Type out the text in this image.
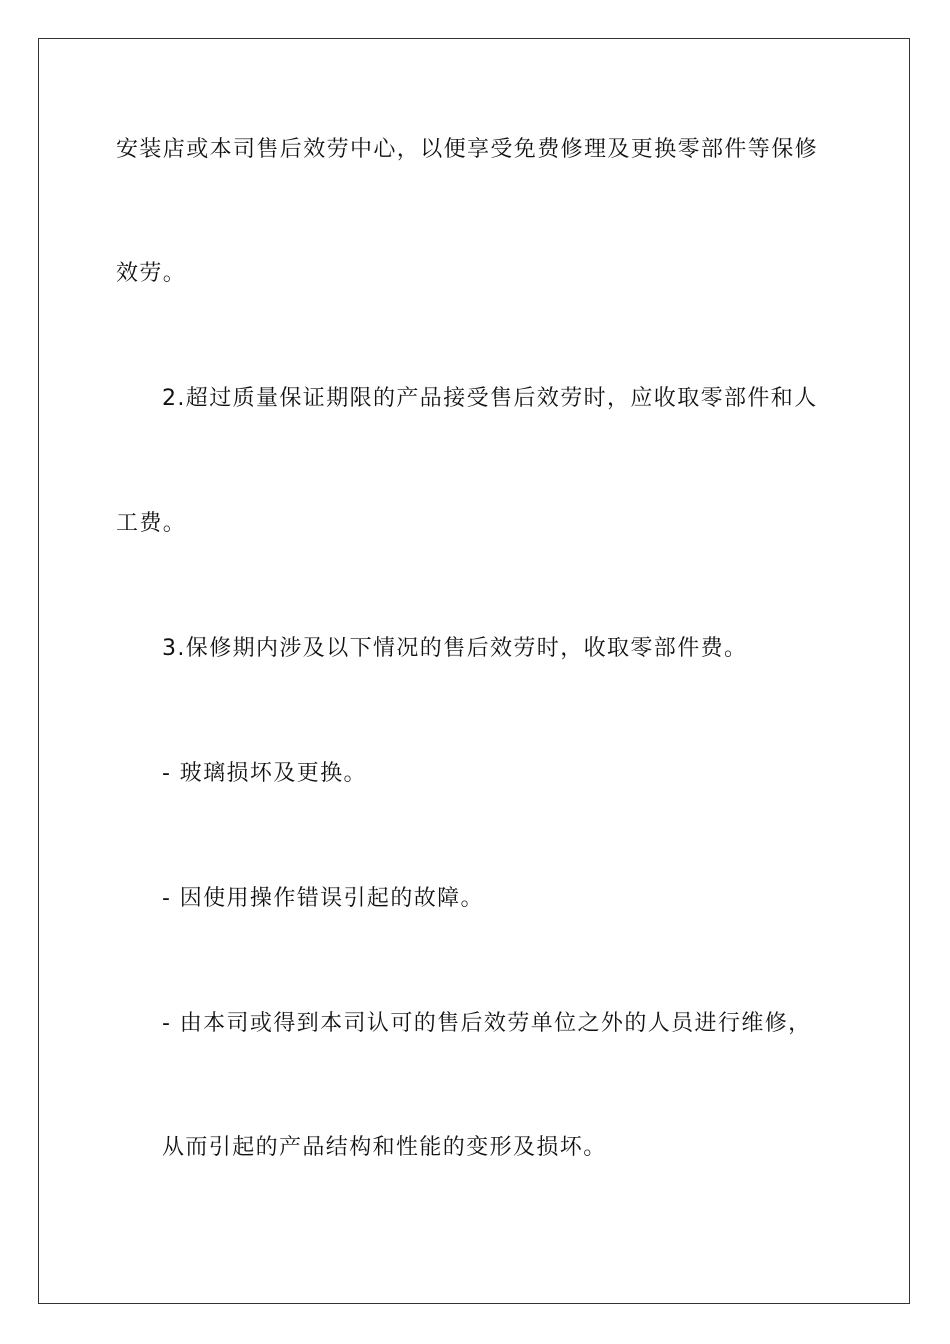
安装店或本司售后效劳中心，以便享受免费修理及更换零部件等保修
效劳。
2.超过质量保证期限的产品接受售后效劳时，应收取零部件和人
工费。
3.保修期内涉及以下情况的售后效劳时，收取零部件费。
- 玻璃损坏及更换。
- 因使用操作错误引起的故障。
- 由本司或得到本司认可的售后效劳单位之外的人员进行维修，
从而引起的产品结构和性能的变形及损坏。
